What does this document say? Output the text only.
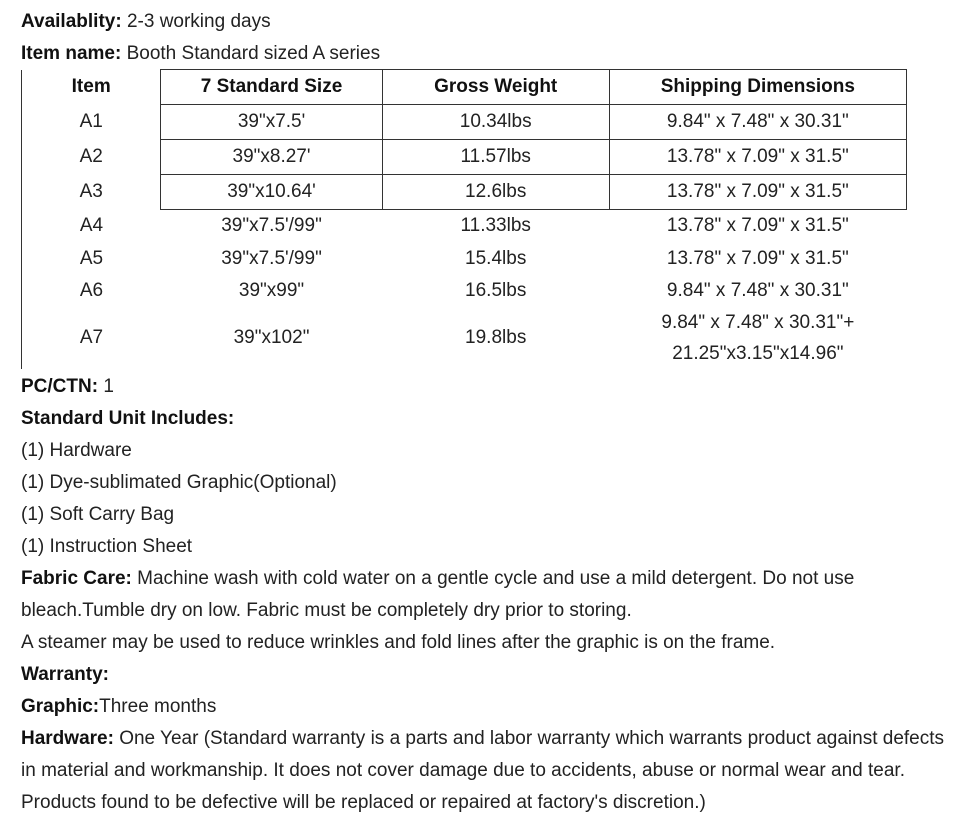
Availablity: 2-3 working days
Item name: Booth Standard sized A series
Item	7 Standard Size	Gross Weight	Shipping Dimensions
A1	39"x7.5'	10.34lbs	9.84" x 7.48" x 30.31"
A2	39"x8.27'	11.57lbs	13.78" x 7.09" x 31.5"
A3	39"x10.64'	12.6lbs	13.78" x 7.09" x 31.5"
A4	39"x7.5'/99"	11.33lbs	13.78" x 7.09" x 31.5"
A5	39"x7.5'/99"	15.4lbs	13.78" x 7.09" x 31.5"
A6	39"x99"	16.5lbs	9.84" x 7.48" x 30.31"
A7	39"x102"	19.8lbs	9.84" x 7.48" x 30.31"+
21.25"x3.15"x14.96"
PC/CTN: 1
Standard Unit Includes:
(1) Hardware
(1) Dye-sublimated Graphic(Optional)
(1) Soft Carry Bag
(1) Instruction Sheet
Fabric Care: Machine wash with cold water on a gentle cycle and use a mild detergent. Do not use bleach.Tumble dry on low. Fabric must be completely dry prior to storing.
A steamer may be used to reduce wrinkles and fold lines after the graphic is on the frame.
Warranty:
Graphic:Three months
Hardware: One Year (Standard warranty is a parts and labor warranty which warrants product against defects in material and workmanship. It does not cover damage due to accidents, abuse or normal wear and tear. Products found to be defective will be replaced or repaired at factory's discretion.)
